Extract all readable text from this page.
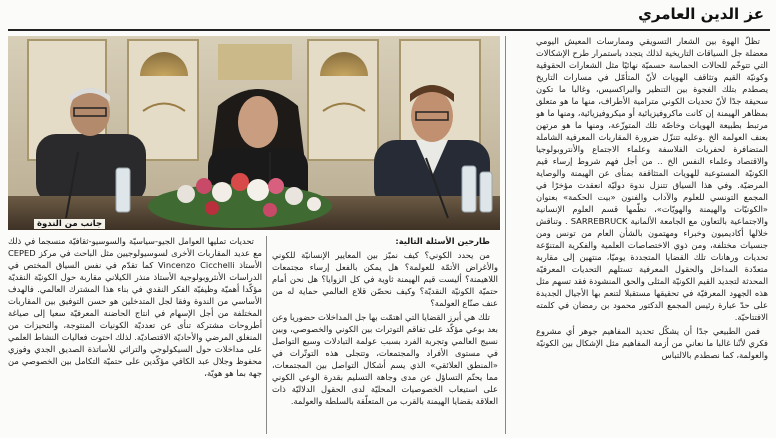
عز الدين العامري

تظلّ الهوة بين الشعار التسويقي وممارسات المعيش اليومي معضلة جل السياقات التاريخية لذلك يتجدد باستمرار طرح الإشكالات التي تتوخّم للحالات الحماسة حسميّة نهائيًا مثل الشعارات الحقوقية وكونيّة القيم وتثاقف الهويات لأنّ المتأمّل في مسارات التاريخ يصطدم بتلك الفجوة بين التنظير والبراكسيس، وغالبا ما تكون سحيقة جدًا لأنّ تحديات الكوني مترامية الأطراف، منها ما هو متعلق بمظاهر الهيمنة إن كانت ماكروفيزيائية أو ميكروفيزيائية، ومنها ما هو مرتبط بطبيعة الهويات وخاصّة تلك المتوزّعة، ومنها ما هو مرتهن بعنف العولمة الخ .وعليه تتنزّل ضرورة المقاربات المعرفية الشاملة المتضافرة لحفريات الفلاسفة وعلماء الاجتماع والأنتروبولوجيا والاقتصاد وعلماء النفس الخ .. من أجل فهم شروط إرساء قيم الكونيّة المستوعبة للهويات المتثاقفة بمنأى عن الهيمنة والوصاية المرضيّة. وفي هذا السياق تتنزل ندوة دوليّة انعقدت مؤخرًا في المجمع التونسي للعلوم والآداب والفنون «بيت الحكمة» بعنوان «الكونيّات والهيمنة والهويّات»، نظّمها قسم العلوم الإنسانية والاجتماعية بالتعاون مع الجامعة الألمانية SARREBRUCK . وتناقش خلالها أكاديميون وخبراء ومهتمون بالشأن العام من تونس ومن جنسيات مختلفة، ومن ذوي الاختصاصات العلمية والفكرية المتنوّعة تحديات ورهانات تلك القضايا المتجددة يوميّا، منتهين إلى مقاربة متعدّدة المداخل والحقول المعرفية تستلهم التحديات المعرفيّة المحدثة لتجديد القيم الكونيّة المثلى والحق المنشودة فقد تسهم مثل هذه الجهود المعرفيّة في تحقيقها مستقبلا لتنعم بها الأجيال الجديدة على حدّ عبارة رئيس المجمع الدكتور محمود بن رمضان في كلمته الافتتاحيّة.

فمن الطبيعي جدًا أن يشكّل تحديد المفاهيم جوهر أي مشروع فكري لأنّنا غالبا ما نعاني من أزمة المفاهيم مثل الإشكال بين الكونيّة والعولمة، كما نصطدم بالالتباس

جانب من الندوة

طارحين الأسئلة التالية:

من يحدد الكوني؟ كيف نميّز بين المعايير الإنسانيّة للكوني والأغراض الأتمّة للعولمة؟ هل يمكن بالفعل إرساء مجتمعات اللاهيمنة؟ أليست قيم الهيمنة ثاوية في كل الزوايا؟ هل نحن أمام حتميّة الكونيّة النقديّة؟ وكيف نحصّن قلاع العالمي حماية له من عنف صنّاع العولمة؟

تلك هي أبرز القضايا التي اهتمّت بها جل المداخلات حضوريا وعن بعد بوعي مؤكّد على تفاقم التوترات بين الكوني والخصوصي، وبين نسيج العالمي وتجربة الفرد بسبب عولمة التبادلات وسيع التواصل في مستوى الأفراد والمجتمعات، وتتجلى هذه التوتّرات في «المنطق العلائقي» الذي يسم أشكال التواصل بين المجتمعات، مما يحتّم التساؤل عن مدى وجاهة التسليم بقدرة الوعي الكوني على استيعاب الخصوصيات المحليّة لدى الحقول الدلاليّة ذات العلاقة بقضايا الهيمنة بالقرب من المتعلّقة بالسلطة والعولمة.

تحديات تمليها العوامل الجيو-سياسيّة والسوسيو-ثقافيّة منسجما في ذلك مع عديد المقاربات الأخرى لسوسيولوجيين مثل الباحث في مركز CEPED الأستاذ Vincenzo Cicchelli كما تقدّم في نفس السياق المختص في الدراسات الأنثروبولوجية الأستاذ منذر الكيلاني مقاربة حول الكونيّة النقديّة مؤكّدا أهميّة وظيفيّة الفكر النقدي في بناء هذا المشترك العالمي. فالهدف الأساسي من الندوة وفقا لجل المتدخلين هو حسن التوفيق بين المقاربات المختلفة من أجل الإسهام في انتاج الحاضنة المعرفيّة سعيا إلى صياغة أطروحات مشتركة تنأى عن تعدديّة الكونيات المنتوجة، والتحيزات من المنغلق المرضي والأحاديّة الاقتصاديّة. لذلك احتوت فعاليات النشاط العلمي على مداخلات حول السيكولوجي والتراثي للأساتذة الصديق الجدي وفوزي محفوظ وجلال عبد الكافي مؤكّدين على حتميّة التكامل بين الخصوصي من جهة بما هو هويّة،
